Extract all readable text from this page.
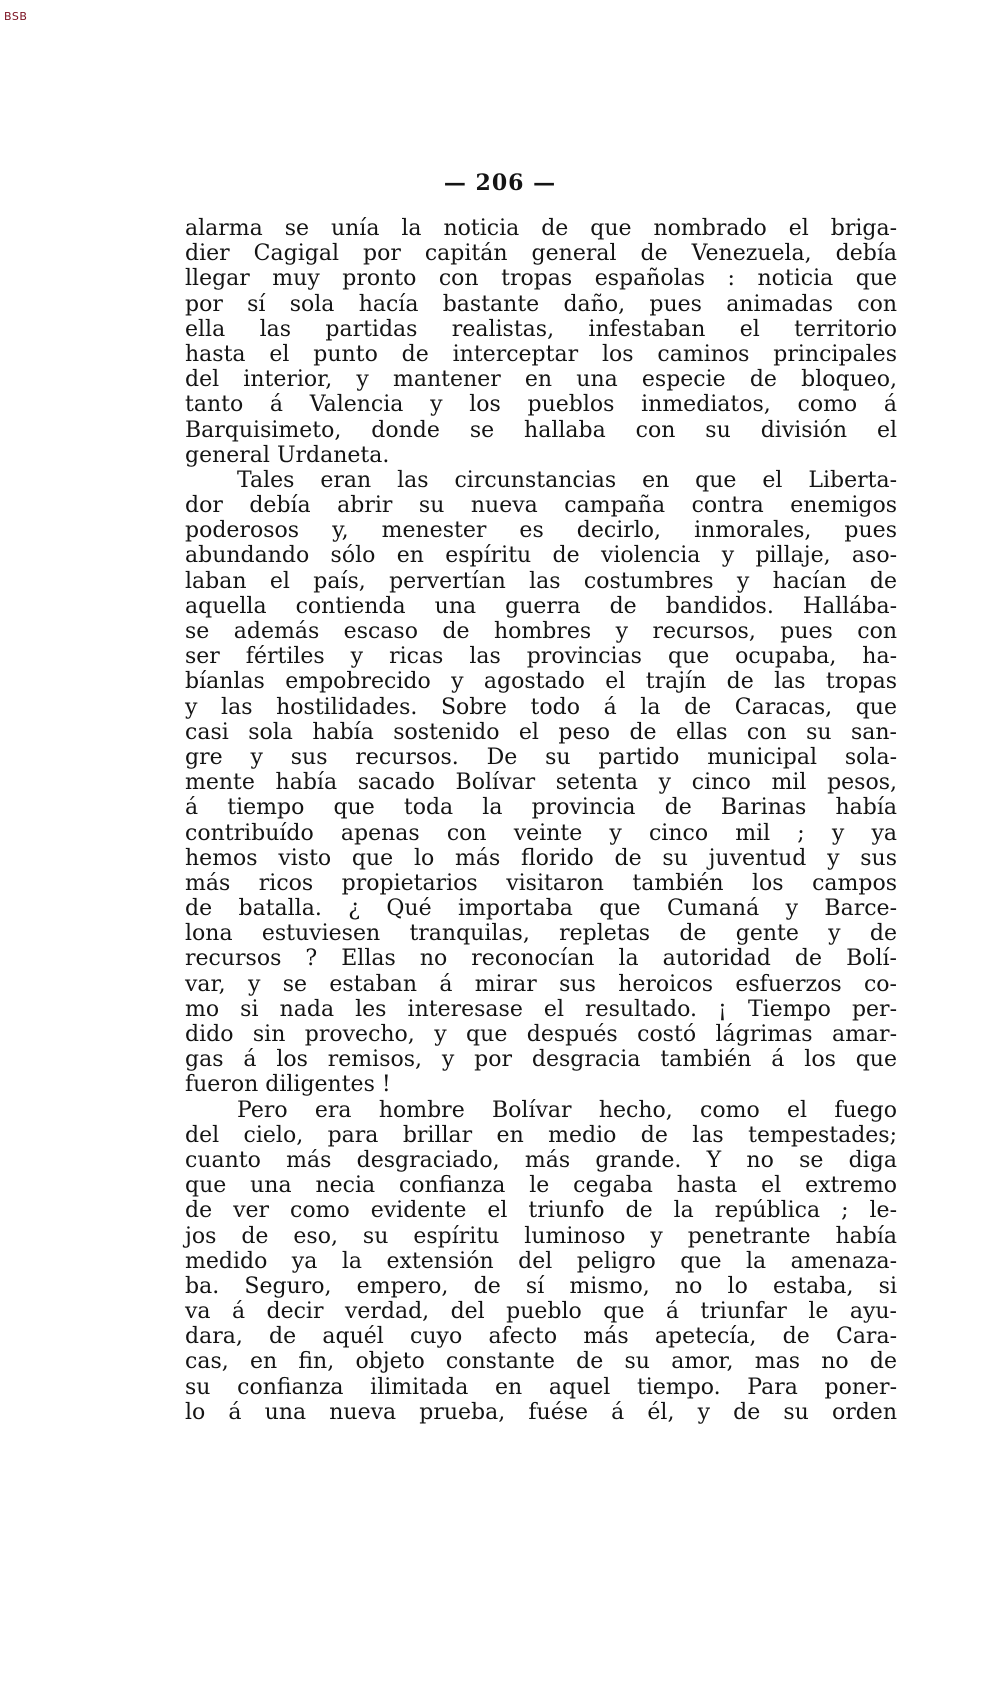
BSB
— 206 —
alarma se unía la noticia de que nombrado el briga-
dier Cagigal por capitán general de Venezuela, debía
llegar muy pronto con tropas españolas : noticia que
por sí sola hacía bastante daño, pues animadas con
ella las partidas realistas, infestaban el territorio
hasta el punto de interceptar los caminos principales
del interior, y mantener en una especie de bloqueo,
tanto á Valencia y los pueblos inmediatos, como á
Barquisimeto, donde se hallaba con su división el
general Urdaneta.
Tales eran las circunstancias en que el Liberta-
dor debía abrir su nueva campaña contra enemigos
poderosos y, menester es decirlo, inmorales, pues
abundando sólo en espíritu de violencia y pillaje, aso-
laban el país, pervertían las costumbres y hacían de
aquella contienda una guerra de bandidos. Hallába-
se además escaso de hombres y recursos, pues con
ser fértiles y ricas las provincias que ocupaba, ha-
bíanlas empobrecido y agostado el trajín de las tropas
y las hostilidades. Sobre todo á la de Caracas, que
casi sola había sostenido el peso de ellas con su san-
gre y sus recursos. De su partido municipal sola-
mente había sacado Bolívar setenta y cinco mil pesos,
á tiempo que toda la provincia de Barinas había
contribuído apenas con veinte y cinco mil ; y ya
hemos visto que lo más florido de su juventud y sus
más ricos propietarios visitaron también los campos
de batalla. ¿ Qué importaba que Cumaná y Barce-
lona estuviesen tranquilas, repletas de gente y de
recursos ? Ellas no reconocían la autoridad de Bolí-
var, y se estaban á mirar sus heroicos esfuerzos co-
mo si nada les interesase el resultado. ¡ Tiempo per-
dido sin provecho, y que después costó lágrimas amar-
gas á los remisos, y por desgracia también á los que
fueron diligentes !
Pero era hombre Bolívar hecho, como el fuego
del cielo, para brillar en medio de las tempestades;
cuanto más desgraciado, más grande. Y no se diga
que una necia confianza le cegaba hasta el extremo
de ver como evidente el triunfo de la república ; le-
jos de eso, su espíritu luminoso y penetrante había
medido ya la extensión del peligro que la amenaza-
ba. Seguro, empero, de sí mismo, no lo estaba, si
va á decir verdad, del pueblo que á triunfar le ayu-
dara, de aquél cuyo afecto más apetecía, de Cara-
cas, en fin, objeto constante de su amor, mas no de
su confianza ilimitada en aquel tiempo. Para poner-
lo á una nueva prueba, fuése á él, y de su orden
